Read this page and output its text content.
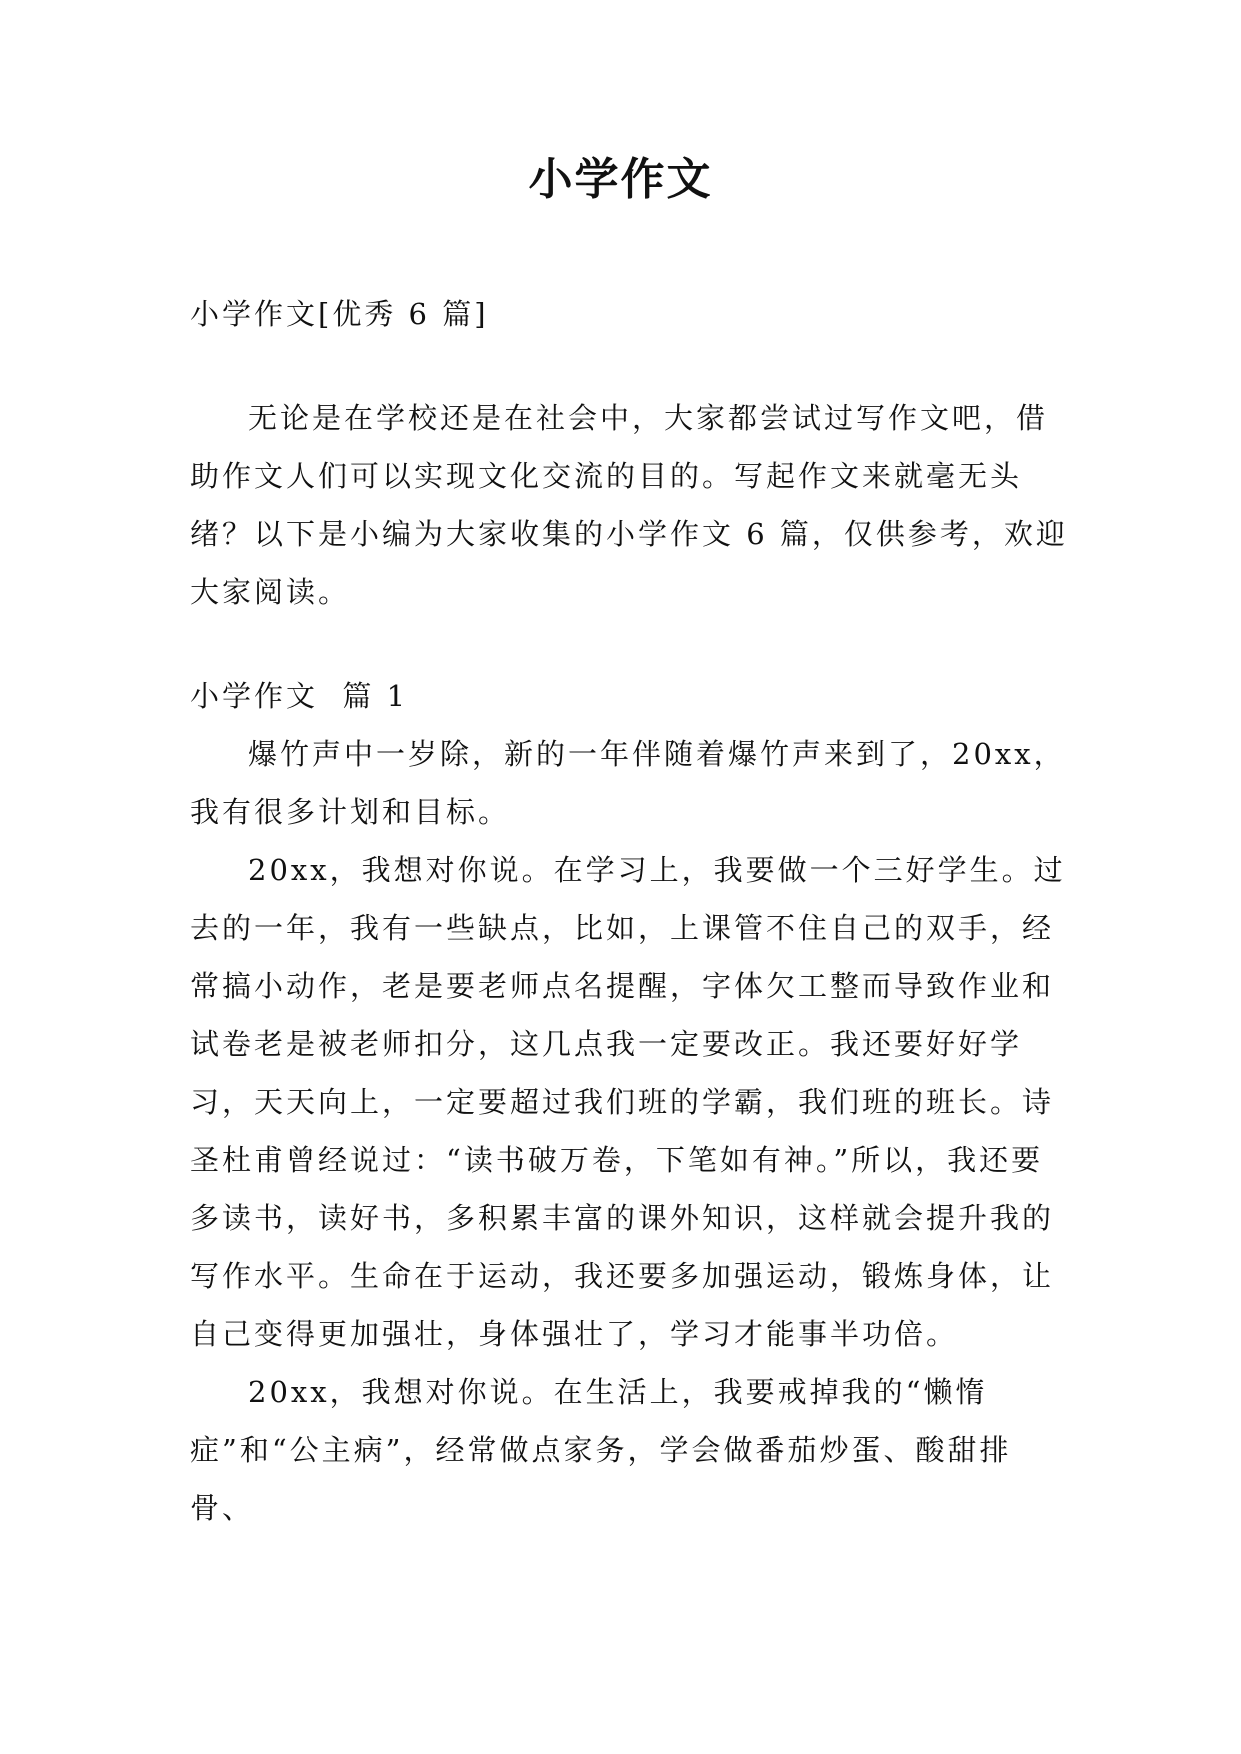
小学作文

小学作文[优秀 6 篇]

无论是在学校还是在社会中，大家都尝试过写作文吧，借助作文人们可以实现文化交流的目的。写起作文来就毫无头绪？以下是小编为大家收集的小学作文 6 篇，仅供参考，欢迎大家阅读。

小学作文  篇 1

爆竹声中一岁除，新的一年伴随着爆竹声来到了，20xx，我有很多计划和目标。

20xx，我想对你说。在学习上，我要做一个三好学生。过去的一年，我有一些缺点，比如，上课管不住自己的双手，经常搞小动作，老是要老师点名提醒，字体欠工整而导致作业和试卷老是被老师扣分，这几点我一定要改正。我还要好好学习，天天向上，一定要超过我们班的学霸，我们班的班长。诗圣杜甫曾经说过：“读书破万卷，下笔如有神。”所以，我还要多读书，读好书，多积累丰富的课外知识，这样就会提升我的写作水平。生命在于运动，我还要多加强运动，锻炼身体，让自己变得更加强壮，身体强壮了，学习才能事半功倍。

20xx，我想对你说。在生活上，我要戒掉我的“懒惰症”和“公主病”，经常做点家务，学会做番茄炒蛋、酸甜排骨、
